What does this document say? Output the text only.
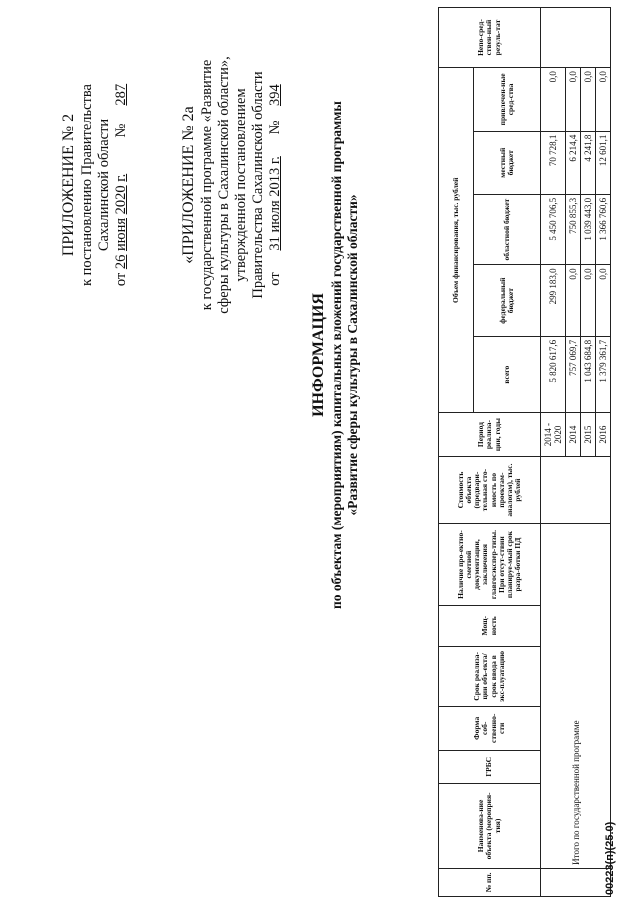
ПРИЛОЖЕНИЕ № 2 к постановлению Правительства Сахалинской области
от 26 июня 2020 г.          №     287
«ПРИЛОЖЕНИЕ № 2а к государственной программе «Развитие сферы культуры в Сахалинской области», утвержденной постановлением Правительства Сахалинской области от      31 июля 2013 г.      №    394
ИНФОРМАЦИЯ по объектам (мероприятиям) капитальных вложений государственной программы «Развитие сферы культуры в Сахалинской области»
№ пп.	Наименова-ние объекта (мероприя-тия)	ГРБС	Форма соб-ственно-сти	Срок реализа-ции объ-екта/срок ввода в экс-плуатацию	Мощ-ность	Наличие про-ектно-сметной документации, заключения главгосэкспер-тизы. При отсут-ствии планируе-мый срок разра-ботки ПД	Стоимость объекта (предвари-тельная сто-имость по проектам-аналогам), тыс. рублей	Период реализа-ции, годы	Объем финансирования, тыс. рублей					Непо-сред-ствен-ный резуль-тат
									всего	федеральный бюджет	областной бюджет	местный бюджет	привлечен-ные сред-ства	
	Итого по государственной программе							2014 - 2020	5 820 617,6	299 183,0	5 450 706,5	70 728,1	0,0	
								2014	757 069,7	0,0	750 855,3	6 214,4	0,0	
								2015	1 043 684,8	0,0	1 039 443,0	4 241,8	0,0	
								2016	1 379 361,7	0,0	1 366 760,6	12 601,1	0,0	
00223(п)(25.0)
